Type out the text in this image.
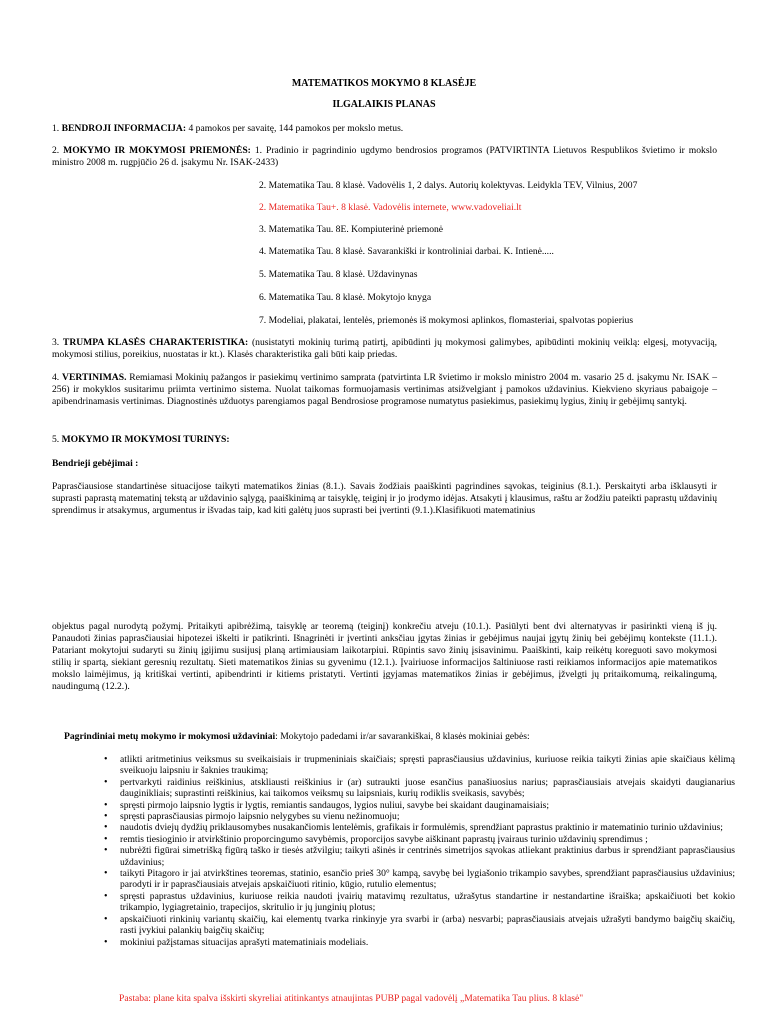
MATEMATIKOS MOKYMO 8 KLASĖJE
ILGALAIKIS PLANAS
1. BENDROJI INFORMACIJA: 4 pamokos per savaitę, 144 pamokos per mokslo metus.
2. MOKYMO IR MOKYMOSI PRIEMONĖS: 1. Pradinio ir pagrindinio ugdymo bendrosios programos (PATVIRTINTA Lietuvos Respublikos švietimo ir mokslo ministro 2008 m. rugpjūčio 26 d. įsakymu Nr. ISAK-2433)
2. Matematika Tau. 8 klasė. Vadovėlis 1, 2 dalys. Autorių kolektyvas. Leidykla TEV, Vilnius, 2007
2. Matematika Tau+. 8 klasė. Vadovėlis internete, www.vadoveliai.lt
3. Matematika Tau. 8E. Kompiuterinė priemonė
4. Matematika Tau. 8 klasė. Savarankiški ir kontroliniai darbai. K. Intienė.....
5. Matematika Tau. 8 klasė. Uždavinynas
6. Matematika Tau. 8 klasė. Mokytojo knyga
7. Modeliai, plakatai, lentelės, priemonės iš mokymosi aplinkos, flomasteriai, spalvotas popierius
3. TRUMPA KLASĖS CHARAKTERISTIKA: (nusistatyti mokinių turimą patirtį, apibūdinti jų mokymosi galimybes, apibūdinti mokinių veiklą: elgesį, motyvaciją, mokymosi stilius, poreikius, nuostatas ir kt.). Klasės charakteristika gali būti kaip priedas.
4. VERTINIMAS. Remiamasi Mokinių pažangos ir pasiekimų vertinimo samprata (patvirtinta LR švietimo ir mokslo ministro 2004 m. vasario 25 d. įsakymu Nr. ISAK – 256) ir mokyklos susitarimu priimta vertinimo sistema. Nuolat taikomas formuojamasis vertinimas atsižvelgiant į pamokos uždavinius. Kiekvieno skyriaus pabaigoje – apibendrinamasis vertinimas. Diagnostinės užduotys parengiamos pagal Bendrosiose programose numatytus pasiekimus, pasiekimų lygius, žinių ir gebėjimų santykį.
5. MOKYMO IR MOKYMOSI TURINYS:
Bendrieji gebėjimai :
Paprasčiausiose standartinėse situacijose taikyti matematikos žinias (8.1.). Savais žodžiais paaiškinti pagrindines sąvokas, teiginius (8.1.). Perskaityti arba išklausyti ir suprasti paprastą matematinį tekstą ar uždavinio sąlygą, paaiškinimą ar taisyklę, teiginį ir jo įrodymo idėjas. Atsakyti į klausimus, raštu ar žodžiu pateikti paprastų uždavinių sprendimus ir atsakymus, argumentus ir išvadas taip, kad kiti galėtų juos suprasti bei įvertinti (9.1.).Klasifikuoti matematinius
objektus pagal nurodytą požymį. Pritaikyti apibrėžimą, taisyklę ar teoremą (teiginį) konkrečiu atveju (10.1.). Pasiūlyti bent dvi alternatyvas ir pasirinkti vieną iš jų. Panaudoti žinias paprasčiausiai hipotezei iškelti ir patikrinti. Išnagrinėti ir įvertinti anksčiau įgytas žinias ir gebėjimus naujai įgytų žinių bei gebėjimų kontekste (11.1.). Patariant mokytojui sudaryti su žinių įgijimu susijusį planą artimiausiam laikotarpiui. Rūpintis savo žinių įsisavinimu. Paaiškinti, kaip reikėtų koreguoti savo mokymosi stilių ir spartą, siekiant geresnių rezultatų. Sieti matematikos žinias su gyvenimu (12.1.). Įvairiuose informacijos šaltiniuose rasti reikiamos informacijos apie matematikos mokslo laimėjimus, ją kritiškai vertinti, apibendrinti ir kitiems pristatyti. Vertinti įgyjamas matematikos žinias ir gebėjimus, įžvelgti jų pritaikomumą, reikalingumą, naudingumą (12.2.).
Pagrindiniai metų mokymo ir mokymosi uždaviniai: Mokytojo padedami ir/ar savarankiškai, 8 klasės mokiniai gebės:
• atlikti aritmetinius veiksmus su sveikaisiais ir trupmeniniais skaičiais; spręsti paprasčiausius uždavinius, kuriuose reikia taikyti žinias apie skaičiaus kėlimą sveikuoju laipsniu ir šaknies traukimą;
• pertvarkyti raidinius reiškinius, atskliausti reiškinius ir (ar) sutraukti juose esančius panašiuosius narius; paprasčiausiais atvejais skaidyti daugianarius dauginikliais; suprastinti reiškinius, kai taikomos veiksmų su laipsniais, kurių rodiklis sveikasis, savybės;
• spręsti pirmojo laipsnio lygtis ir lygtis, remiantis sandaugos, lygios nuliui, savybe bei skaidant dauginamaisiais;
• spręsti paprasčiausias pirmojo laipsnio nelygybes su vienu nežinomuoju;
• naudotis dviejų dydžių priklausomybes nusakančiomis lentelėmis, grafikais ir formulėmis, sprendžiant paprastus praktinio ir matematinio turinio uždavinius;
• remtis tiesioginio ir atvirkštinio proporcingumo savybėmis, proporcijos savybe aiškinant paprastų įvairaus turinio uždavinių sprendimus ;
• nubrėžti figūrai simetrišką figūrą taško ir tiesės atžvilgiu; taikyti ašinės ir centrinės simetrijos sąvokas atliekant praktinius darbus ir sprendžiant paprasčiausius uždavinius;
• taikyti Pitagoro ir jai atvirkštines teoremas, statinio, esančio prieš 30° kampą, savybę bei lygiašonio trikampio savybes, sprendžiant paprasčiausius uždavinius; parodyti ir ir paprasčiausiais atvejais apskaičiuoti ritinio, kūgio, rutulio elementus;
• spręsti paprastus uždavinius, kuriuose reikia naudoti įvairių matavimų rezultatus, užrašytus standartine ir nestandartine išraiška; apskaičiuoti bet kokio trikampio, lygiagretainio, trapecijos, skritulio ir jų junginių plotus;
• apskaičiuoti rinkinių variantų skaičių, kai elementų tvarka rinkinyje yra svarbi ir (arba) nesvarbi; paprasčiausiais atvejais užrašyti bandymo baigčių skaičių, rasti įvykiui palankių baigčių skaičių;
• mokiniui pažįstamas situacijas aprašyti matematiniais modeliais.
Pastaba: plane kita spalva išskirti skyreliai atitinkantys atnaujintas PUBP pagal vadovėlį „Matematika Tau plius. 8 klasė"
